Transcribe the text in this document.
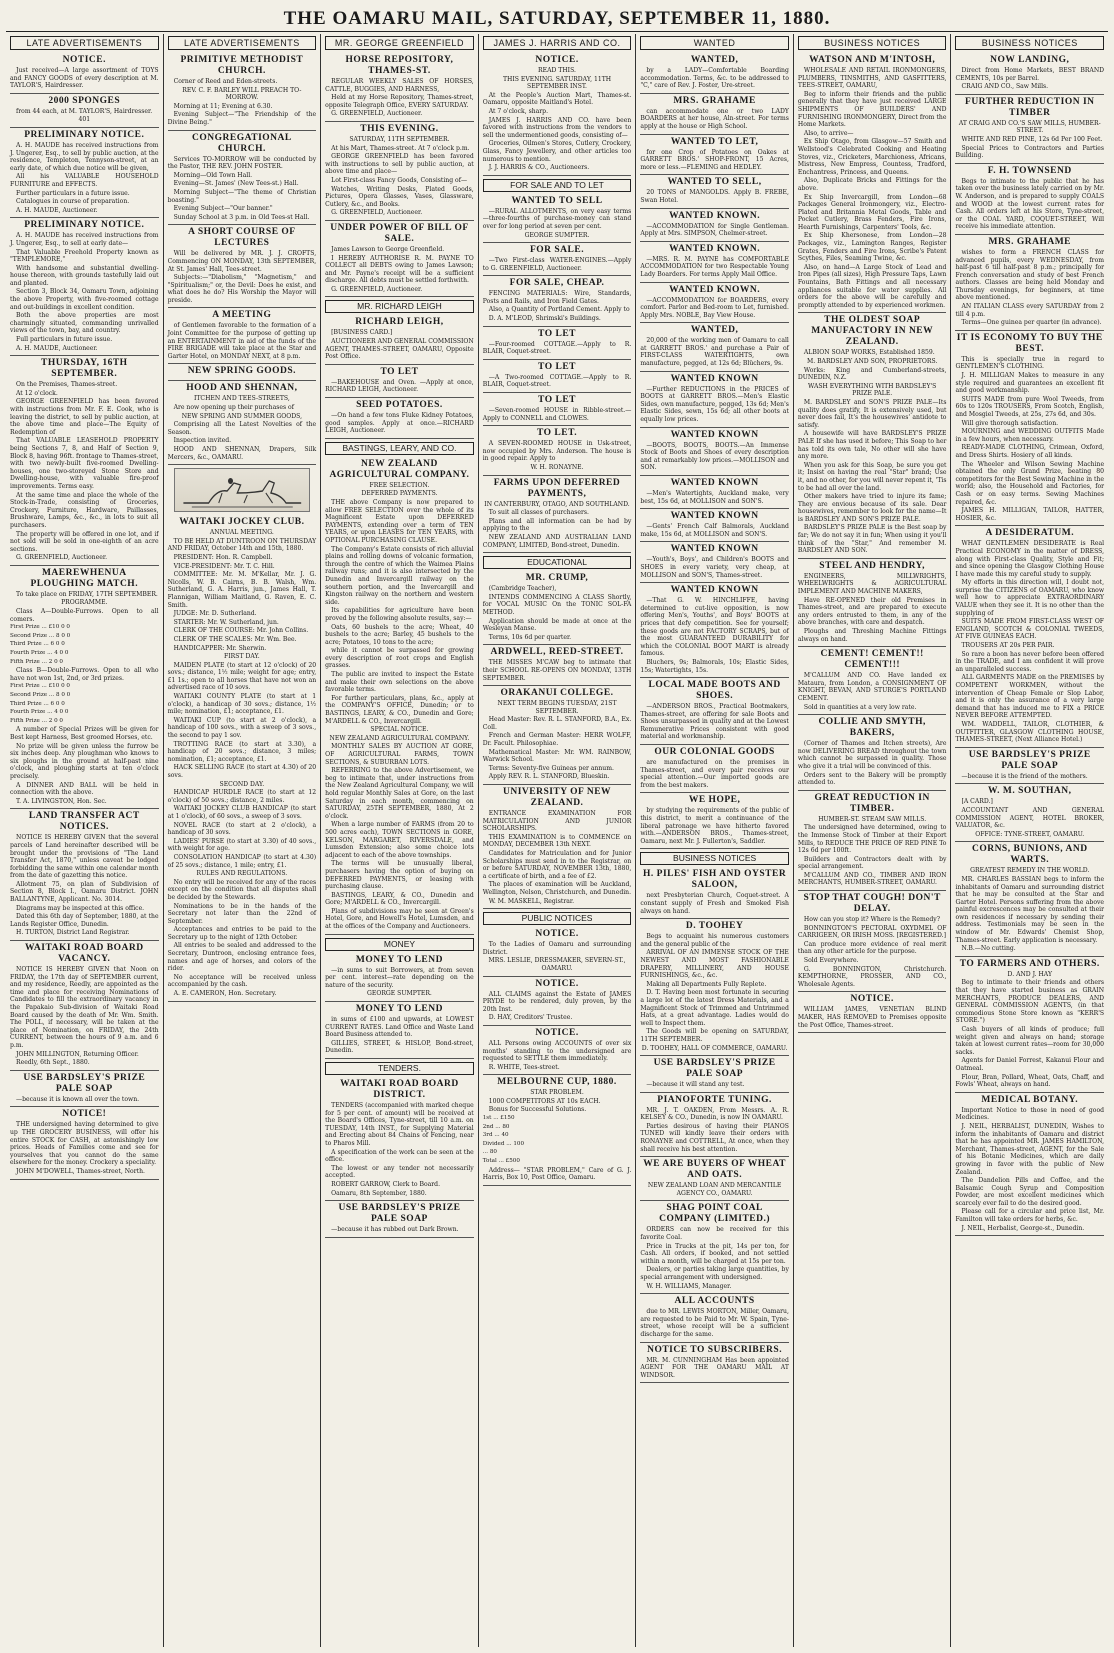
THE OAMARU MAIL, SATURDAY, SEPTEMBER 11, 1880.
LATE ADVERTISEMENTS

NOTICE.

Just received—A large assortment of TOYS and FANCY GOODS of every description at M. TAYLOR'S, Hairdresser.

2000 SPONGES

from 44 each, at M. TAYLOR'S, Hairdresser.

401

PRELIMINARY NOTICE.

A. H. MAUDE has received instructions from J. Ungerer, Esq., to sell by public auction, at the residence, Templeton, Tennyson-street, at an early date, of which due notice will be given,

All his VALUABLE HOUSEHOLD FURNITURE and EFFECTS.

Further particulars in a future issue.

Catalogues in course of preparation.

A. H. MAUDE, Auctioneer.

PRELIMINARY NOTICE.

A. H. MAUDE has received instructions from J. Ungerer, Esq., to sell at early date—

That Valuable Freehold Property known as "TEMPLEMORE,"

With handsome and substantial dwelling-house thereon, with grounds tastefully laid out and planted.

Section 3, Block 34, Oamaru Town, adjoining the above Property, with five-roomed cottage and out-buildings in excellent condition.

Both the above properties are most charmingly situated, commanding unrivalled views of the town, bay, and country.

Full particulars in future issue.

A. H. MAUDE, Auctioneer.

THURSDAY, 16TH SEPTEMBER.

On the Premises, Thames-street.

At 12 o'clock.

GEORGE GREENFIELD has been favored with instructions from Mr. F. E. Cook, who is leaving the district, to sell by public auction, at the above time and place—The Equity of Redemption of

That VALUABLE LEASEHOLD PROPERTY being Sections 7, 8, and Half of Section 9, Block 8, having 96ft. frontage to Thames-street, with two newly-built five-roomed Dwelling-houses, one two-storeyed Stone Store and Dwelling-house, with valuable fire-proof improvements. Terms easy.

At the same time and place the whole of the Stock-in-Trade, consisting of Groceries, Crockery, Furniture, Hardware, Paillasses, Brushware, Lamps, &c., &c., in lots to suit all purchasers.

The property will be offered in one lot, and if not sold will be sold in one-eighth of an acre sections.

G. GREENFIELD, Auctioneer.

MAEREWHENUA PLOUGHING MATCH.

To take place on FRIDAY, 17TH SEPTEMBER.

PROGRAMME.

Class A—Double-Furrows. Open to all comers.

First Prize ... £10 0 0

Second Prize ... 8 0 0

Third Prize ... 6 0 0

Fourth Prize ... 4 0 0

Fifth Prize ... 2 0 0

Class B—Double-Furrows. Open to all who have not won 1st, 2nd, or 3rd prizes.

First Prize ... £10 0 0

Second Prize ... 8 0 0

Third Prize ... 6 0 0

Fourth Prize ... 4 0 0

Fifth Prize ... 2 0 0

A number of Special Prizes will be given for Best kept Harness, Best groomed Horses, etc.

No prize will be given unless the furrow be six inches deep. Any ploughman who knows to six ploughs in the ground at half-past nine o'clock, and ploughing starts at ten o'clock precisely.

A DINNER AND BALL will be held in connection with the above.

T. A. LIVINGSTON, Hon. Sec.

LAND TRANSFER ACT NOTICES.

NOTICE IS HEREBY GIVEN that the several parcels of Land hereinafter described will be brought under the provisions of "The Land Transfer Act, 1870," unless caveat be lodged forbidding the same within one calendar month from the date of gazetting this notice.

Allotment 75, on plan of Subdivision of Section 8, Block I., Oamaru District. JOHN BALLANTYNE, Applicant. No. 3014.

Diagrams may be inspected at this office.

Dated this 6th day of September, 1880, at the Lands Register Office, Dunedin.

H. TURTON, District Land Registrar.

WAITAKI ROAD BOARD VACANCY.

NOTICE IS HEREBY GIVEN that Noon on FRIDAY, the 17th day of SEPTEMBER current, and my residence, Reedly, are appointed as the time and place for receiving Nominations of Candidates to fill the extraordinary vacancy in the Papakaio Sub-division of Waitaki Road Board caused by the death of Mr. Wm. Smith. The POLL, if necessary, will be taken at the place of Nomination, on FRIDAY, the 24th CURRENT, between the hours of 9 a.m. and 6 p.m.

JOHN MILLINGTON, Returning Officer.

Reedly, 6th Sept., 1880.

USE BARDSLEY'S PRIZE PALE SOAP

—because it is known all over the town.

NOTICE!

THE undersigned having determined to give up THE GROCERY BUSINESS, will offer his entire STOCK for CASH, at astonishingly low prices. Heads of Families come and see for yourselves that you cannot do the same elsewhere for the money. Crockery a speciality.

JOHN M'DOWELL, Thames-street, North.

LATE ADVERTISEMENTS

PRIMITIVE METHODIST CHURCH.

Corner of Reed and Eden-streets.

REV. C. F. BARLEY WILL PREACH TO-MORROW.

Morning at 11; Evening at 6.30.

Evening Subject—"The Friendship of the Divine Being."

CONGREGATIONAL CHURCH.

Services TO-MORROW will be conducted by the Pastor, THE REV. JOHN FOSTER.

Morning—Old Town Hall.

Evening—St. James' (New Tees-st.) Hall.

Morning Subject—"The theme of Christian boasting."

Evening Subject—"Our banner."

Sunday School at 3 p.m. in Old Tees-st Hall.

A SHORT COURSE OF LECTURES

Will be delivered by MR. J. J. CROFTS, Commencing ON MONDAY, 13th SEPTEMBER, At St. James' Hall, Tees-street.

Subjects:—"Diabolism," "Magnetism," and "Spiritualism;" or, the Devil: Does he exist, and what does he do? His Worship the Mayor will preside.

A MEETING

of Gentlemen favorable to the formation of a Joint Committee for the purpose of getting up an ENTERTAINMENT in aid of the funds of the FIRE BRIGADE will take place at the Star and Garter Hotel, on MONDAY NEXT, at 8 p.m.

NEW SPRING GOODS.

HOOD AND SHENNAN,

ITCHEN AND TEES-STREETS,

Are now opening up their purchases of

NEW SPRING AND SUMMER GOODS,

Comprising all the Latest Novelties of the Season.

Inspection invited.

HOOD AND SHENNAN, Drapers, Silk Mercers, &c., OAMARU.

WAITAKI JOCKEY CLUB.

ANNUAL MEETING.

TO BE HELD AT DUNTROON ON THURSDAY AND FRIDAY, October 14th and 15th, 1880.

PRESIDENT: Hon. R. Campbell.

VICE-PRESIDENT: Mr. T. C. Hill.

COMMITTEE: Mr. M. M'Kellar, Mr. J. G. Nicolls, W. B. Cairns, B. B. Walsh, Wm. Sutherland, G. A. Harris, jun., James Hall, T. Flannigan, William Maitland, G. Raven, E. C. Smith.

JUDGE: Mr. D. Sutherland.

STARTER: Mr. W. Sutherland, jun.

CLERK OF THE COURSE: Mr. John Collins.

CLERK OF THE SCALES: Mr. Wm. Bee.

HANDICAPPER: Mr. Sherwin.

FIRST DAY.

MAIDEN PLATE (to start at 12 o'clock) of 20 sovs.; distance, 1½ mile; weight for age; entry, £1 1s.; open to all horses that have not won an advertised race of 10 sovs.

WAITAKI COUNTY PLATE (to start at 1 o'clock), a handicap of 30 sovs.; distance, 1½ mile; nomination, £1; acceptance, £1.

WAITAKI CUP (to start at 2 o'clock), a handicap of 100 sovs., with a sweep of 3 sovs., the second to pay 1 sov.

TROTTING RACE (to start at 3.30), a handicap of 20 sovs.; distance, 3 miles; nomination, £1; acceptance, £1.

HACK SELLING RACE (to start at 4.30) of 20 sovs.

SECOND DAY.

HANDICAP HURDLE RACE (to start at 12 o'clock) of 50 sovs.; distance, 2 miles.

WAITAKI JOCKEY CLUB HANDICAP (to start at 1 o'clock), of 60 sovs., a sweep of 3 sovs.

NOVEL RACE (to start at 2 o'clock), a handicap of 30 sovs.

LADIES' PURSE (to start at 3.30) of 40 sovs., with weight for age.

CONSOLATION HANDICAP (to start at 4.30) of 25 sovs.; distance, 1 mile; entry, £1.

RULES AND REGULATIONS.

No entry will be received for any of the races except on the condition that all disputes shall be decided by the Stewards.

Nominations to be in the hands of the Secretary not later than the 22nd of September.

Acceptances and entries to be paid to the Secretary up to the night of 12th October.

All entries to be sealed and addressed to the Secretary, Duntroon, enclosing entrance fees, names and age of horses, and colors of the rider.

No acceptance will be received unless accompanied by the cash.

A. E. CAMERON, Hon. Secretary.

MR. GEORGE GREENFIELD

HORSE REPOSITORY, THAMES-ST.

REGULAR WEEKLY SALES OF HORSES, CATTLE, BUGGIES, AND HARNESS,

Held at my Horse Repository, Thames-street, opposite Telegraph Office, EVERY SATURDAY.

G. GREENFIELD, Auctioneer.

THIS EVENING.

SATURDAY, 11TH SEPTEMBER.

At his Mart, Thames-street. At 7 o'clock p.m.

GEORGE GREENFIELD has been favored with instructions to sell by public auction, at above time and place—

Lot First-class Fancy Goods, Consisting of—

Watches, Writing Desks, Plated Goods, Pictures, Opera Glasses, Vases, Glassware, Cutlery, &c., and Books.

G. GREENFIELD, Auctioneer.

UNDER POWER OF BILL OF SALE.

James Lawson to George Greenfield.

I HEREBY AUTHORISE R. M. PAYNE TO COLLECT all DEBTS owing to James Lawson; and Mr. Payne's receipt will be a sufficient discharge. All debts must be settled forthwith.

G. GREENFIELD, Auctioneer.

MR. RICHARD LEIGH

RICHARD LEIGH,

[BUSINESS CARD.]

AUCTIONEER AND GENERAL COMMISSION AGENT, THAMES-STREET, OAMARU, Opposite Post Office.

TO LET

—BAKEHOUSE and Oven. —Apply at once, RICHARD LEIGH, Auctioneer.

SEED POTATOES.

—On hand a few tons Fluke Kidney Potatoes, good samples. Apply at once.—RICHARD LEIGH, Auctioneer.

BASTINGS, LEARY, AND CO.

NEW ZEALAND AGRICULTURAL COMPANY.

FREE SELECTION.

DEFERRED PAYMENTS.

THE above Company is now prepared to allow FREE SELECTION over the whole of its Magnificent Estate upon DEFERRED PAYMENTS, extending over a term of TEN YEARS, or upon LEASES for TEN YEARS, with OPTIONAL PURCHASING CLAUSE.

The Company's Estate consists of rich alluvial plains and rolling downs of volcanic formation, through the centre of which the Waimea Plains railway runs; and it is also intersected by the Dunedin and Invercargill railway on the southern portion, and the Invercargill and Kingston railway on the northern and western side.

Its capabilities for agriculture have been proved by the following absolute results, say:—

Oats, 60 bushels to the acre; Wheat, 40 bushels to the acre; Barley, 45 bushels to the acre; Potatoes, 10 tons to the acre;

while it cannot be surpassed for growing every description of root crops and English grasses.

The public are invited to inspect the Estate and make their own selections on the above favorable terms.

For further particulars, plans, &c., apply at the COMPANY'S OFFICE, Dunedin; or to BASTINGS, LEARY, & CO., Dunedin and Gore; M'ARDELL & CO., Invercargill.

SPECIAL NOTICE.

NEW ZEALAND AGRICULTURAL COMPANY.

MONTHLY SALES BY AUCTION AT GORE, OF AGRICULTURAL FARMS, TOWN SECTIONS, & SUBURBAN LOTS.

REFERRING to the above Advertisement, we beg to intimate that, under instructions from the New Zealand Agricultural Company, we will hold regular Monthly Sales at Gore, on the last Saturday in each month, commencing on SATURDAY, 25TH SEPTEMBER, 1880, At 2 o'clock.

When a large number of FARMS (from 20 to 500 acres each), TOWN SECTIONS in GORE, KELSON, MARGARET, RIVERSDALE, and Lumsden Extension; also some choice lots adjacent to each of the above townships.

The terms will be unusually liberal, purchasers having the option of buying on DEFERRED PAYMENTS, or leasing with purchasing clause.

BASTINGS, LEARY, & CO., Dunedin and Gore; M'ARDELL & CO., Invercargill.

Plans of subdivisions may be seen at Green's Hotel, Gore, and Howell's Hotel, Lumsden, and at the offices of the Company and Auctioneers.

MONEY

MONEY TO LEND

—in sums to suit Borrowers, at from seven per cent. interest—rate depending on the nature of the security.

GEORGE SUMPTER.

MONEY TO LEND

in sums of £100 and upwards, at LOWEST CURRENT RATES. Land Office and Waste Land Board Business attended to.

GILLIES, STREET, & HISLOP, Bond-street, Dunedin.

TENDERS.

WAITAKI ROAD BOARD DISTRICT.

TENDERS (accompanied with marked cheque for 5 per cent. of amount) will be received at the Board's Offices, Tyne-street, till 10 a.m. on TUESDAY, 14th INST., for Supplying Material and Erecting about 84 Chains of Fencing, near to Pharos Mill.

A specification of the work can be seen at the office.

The lowest or any tender not necessarily accepted.

ROBERT GARROW, Clerk to Board.

Oamaru, 8th September, 1880.

USE BARDSLEY'S PRIZE PALE SOAP

—because it has rubbed out Dark Brown.

JAMES J. HARRIS AND CO.

NOTICE.

READ THIS.

THIS EVENING. SATURDAY, 11TH SEPTEMBER INST.

At the People's Auction Mart, Thames-st. Oamaru, opposite Maitland's Hotel.

At 7 o'clock, sharp.

JAMES J. HARRIS AND CO. have been favored with instructions from the vendors to sell the undermentioned goods, consisting of—

Groceries, Oilmen's Stores, Cutlery, Crockery, Glass, Fancy Jewellery, and other articles too numerous to mention.

J. J. HARRIS & CO., Auctioneers.

FOR SALE AND TO LET

WANTED TO SELL

—RURAL ALLOTMENTS, on very easy terms—three-fourths of purchase-money can stand over for long period at seven per cent.

GEORGE SUMPTER.

FOR SALE.

—Two First-class WATER-ENGINES.—Apply to G. GREENFIELD, Auctioneer.

FOR SALE, CHEAP.

FENCING MATERIALS: Wire, Standards, Posts and Rails, and Iron Field Gates.

Also, a Quantity of Portland Cement. Apply to

D. A. M'LEOD, Shrimski's Buildings.

TO LET

—Four-roomed COTTAGE.—Apply to R. BLAIR, Coquet-street.

TO LET

—A Two-roomed COTTAGE.—Apply to R. BLAIR, Coquet-street.

TO LET

—Seven-roomed HOUSE in Ribble-street.—Apply to CONNELL and CLOWES.

TO LET.

A SEVEN-ROOMED HOUSE in Usk-street, now occupied by Mrs. Anderson. The house is in good repair. Apply to

W. H. RONAYNE.

FARMS UPON DEFERRED PAYMENTS,

IN CANTERBURY, OTAGO, AND SOUTHLAND.

To suit all classes of purchasers.

Plans and all information can be had by applying to the

NEW ZEALAND AND AUSTRALIAN LAND COMPANY, LIMITED, Bond-street, Dunedin.

EDUCATIONAL

MR. CRUMP,

(Cambridge Teacher),

INTENDS COMMENCING A CLASS Shortly, for VOCAL MUSIC On the TONIC SOL-FA METHOD.

Application should be made at once at the Wesleyan Manse.

Terms, 10s 6d per quarter.

ARDWELL, REED-STREET.

THE MISSES M'CAW beg to intimate that their SCHOOL RE-OPENS ON MONDAY, 13TH SEPTEMBER.

ORAKANUI COLLEGE.

NEXT TERM BEGINS TUESDAY, 21ST SEPTEMBER.

Head Master: Rev. R. L. STANFORD, B.A., Ex. Coll.

French and German Master: HERR WOLFF, Dr. Facult. Philosophiae.

Mathematical Master: Mr. WM. RAINBOW, Warwick School.

Terms: Seventy-five Guineas per annum.

Apply REV. R. L. STANFORD, Blueskin.

UNIVERSITY OF NEW ZEALAND.

ENTRANCE EXAMINATION FOR MATRICULATION AND JUNIOR SCHOLARSHIPS.

THIS EXAMINATION is to COMMENCE on MONDAY, DECEMBER 13th NEXT.

Candidates for Matriculation and for Junior Scholarships must send in to the Registrar, on or before SATURDAY, NOVEMBER 13th, 1880, a certificate of birth, and a fee of £2.

The places of examination will be Auckland, Wellington, Nelson, Christchurch, and Dunedin.

W. M. MASKELL, Registrar.

PUBLIC NOTICES

NOTICE.

To the Ladies of Oamaru and surrounding District.

MRS. LESLIE, DRESSMAKER, SEVERN-ST., OAMARU.

NOTICE.

ALL CLAIMS against the Estate of JAMES PRYDE to be rendered, duly proven, by the 20th Inst.

D. HAY, Creditors' Trustee.

NOTICE.

ALL Persons owing ACCOUNTS of over six months' standing to the undersigned are requested to SETTLE them immediately.

R. WHITE, Tees-street.

MELBOURNE CUP, 1880.

STAR PROBLEM.

1000 COMPETITORS AT 10s EACH.

Bonus for Successful Solutions.

1st ... £150

2nd ... 80

3rd ... 40

Divided ... 100

... 80

Total ... £500

Address— "STAR PROBLEM," Care of G. J. Harris, Box 10, Post Office, Oamaru.

WANTED

WANTED,

by a LADY—Comfortable Boarding accommodation. Terms, &c. to be addressed to "C," care of Rev. J. Foster, Ure-street.

MRS. GRAHAME

can accommodate one or two LADY BOARDERS at her house, Aln-street. For terms apply at the house or High School.

WANTED TO LET,

for one Crop of Potatoes on Oakes at GARRETT BROS.' SHOP-FRONT, 15 Acres, more or less.—FLEMING and HEDLEY.

WANTED TO SELL,

20 TONS of MANGOLDS. Apply B. FREBE, Swan Hotel.

WANTED KNOWN.

—ACCOMMODATION for Single Gentleman. Apply at Mrs. SIMPSON, Chelmer-street.

WANTED KNOWN.

—MRS. R. M. PAYNE has COMFORTABLE ACCOMMODATION for two Respectable Young Lady Boarders. For terms Apply Mail Office.

WANTED KNOWN.

—ACCOMMODATION for BOARDERS, every comfort. Parlor and Bed-room to Let, furnished. Apply Mrs. NOBLE, Bay View House.

WANTED,

20,000 of the working men of Oamaru to call at GARRETT BROS.' and purchase a Pair of FIRST-CLASS WATERTIGHTS, own manufacture, pegged, at 12s 6d; Blüchers, 9s.

WANTED KNOWN

—Further REDUCTIONS in the PRICES of BOOTS at GARRETT BROS.—Men's Elastic Sides, own manufacture, pegged, 13s 6d; Men's Elastic Sides, sewn, 15s 6d; all other boots at equally low prices.

WANTED KNOWN

—BOOTS, BOOTS, BOOTS.—An Immense Stock of Boots and Shoes of every description and at remarkably low prices.—MOLLISON and SON.

WANTED KNOWN

—Men's Watertights, Auckland make, very best, 15s 6d, at MOLLISON and SON'S.

WANTED KNOWN

—Gents' French Calf Balmorals, Auckland make, 15s 6d, at MOLLISON and SON'S.

WANTED KNOWN

—Youth's, Boys', and Children's BOOTS and SHOES in every variety, very cheap, at MOLLISON and SON'S, Thames-street.

WANTED KNOWN

—That G. W. HINCHLIFFE, having determined to cut-live opposition, is now offering Men's, Youths', and Boys' BOOTS at prices that defy competition. See for yourself; these goods are not FACTORY SCRAPS, but of the most GUARANTEED DURABILITY for which the COLONIAL BOOT MART is already famous.

Bluchers, 9s; Balmorals, 10s; Elastic Sides, 15s; Watertights, 15s.

LOCAL MADE BOOTS AND SHOES.

—ANDERSON BROS., Practical Bootmakers, Thames-street, are offering for sale Boots and Shoes unsurpassed in quality and at the Lowest Remunerative Prices consistent with good material and workmanship.

OUR COLONIAL GOODS

are manufactured on the premises in Thames-street, and every pair receives our special attention.—Our imported goods are from the best makers.

WE HOPE,

by studying the requirements of the public of this district, to merit a continuance of the liberal patronage we have hitherto favored with.—ANDERSON BROS., Thames-street, Oamaru, next Mr. J. Fullerton's, Saddler.

BUSINESS NOTICES

H. PILES' FISH AND OYSTER SALOON,

next Presbyterian Church, Coquet-street. A constant supply of Fresh and Smoked Fish always on hand.

D. TOOHEY

Begs to acquaint his numerous customers and the general public of the

ARRIVAL OF AN IMMENSE STOCK OF THE NEWEST AND MOST FASHIONABLE DRAPERY, MILLINERY, AND HOUSE FURNISHINGS, &c., &c.

Making all Departments Fully Replete.

D. T. Having been most fortunate in securing a large lot of the latest Dress Materials, and a Magnificent Stock of Trimmed and Untrimmed Hats, at a great advantage. Ladies would do well to Inspect them.

The Goods will be opening on SATURDAY, 11TH SEPTEMBER.

D. TOOHEY, HALL OF COMMERCE, OAMARU.

USE BARDSLEY'S PRIZE PALE SOAP

—because it will stand any test.

PIANOFORTE TUNING.

MR. J. T. OAKDEN, From Messrs. A. R. KELSEY & CO., Dunedin, is now IN OAMARU.

Parties desirous of having their PIANOS TUNED will kindly leave their orders with RONAYNE and COTTRELL, At once, when they shall receive his best attention.

WE ARE BUYERS OF WHEAT AND OATS.

NEW ZEALAND LOAN AND MERCANTILE AGENCY CO., OAMARU.

SHAG POINT COAL COMPANY (LIMITED.)

ORDERS can now be received for this favorite Coal.

Price in Trucks at the pit, 14s per ton, for Cash. All orders, if booked, and not settled within a month, will be charged at 15s per ton.

Dealers, or parties taking large quantities, by special arrangement with undersigned.

W. H. WILLIAMS, Manager.

ALL ACCOUNTS

due to MR. LEWIS MORTON, Miller, Oamaru, are requested to be Paid to Mr. W. Spain, Tyne-street, whose receipt will be a sufficient discharge for the same.

NOTICE TO SUBSCRIBERS.

MR. M. CUNNINGHAM Has been appointed AGENT FOR THE OAMARU MAIL AT WINDSOR.

BUSINESS NOTICES

WATSON AND M'INTOSH,

WHOLESALE AND RETAIL IRONMONGERS, PLUMBERS, TINSMITHS, AND GASFITTERS, TEES-STREET, OAMARU,

Beg to inform their friends and the public generally that they have just received LARGE SHIPMENTS OF BUILDERS' AND FURNISHING IRONMONGERY, Direct from the Home Markets.

Also, to arrive—

Ex Ship Otago, from Glasgow—57 Smith and Wellstood's Celebrated Cooking and Heating Stoves, viz., Cricketers, Marchioness, Africans, Mistress, New Empress, Countess, Tradford, Enchantress, Princess, and Queens.

Also, Duplicate Bricks and Fittings for the above.

Ex Ship Invercargill, from London—68 Packages General Ironmongery, viz., Electro-Plated and Britannia Metal Goods, Table and Pocket Cutlery, Brass Fenders, Fire Irons, Hearth Furnishings, Carpenters' Tools, &c.

Ex Ship Khersonese, from London—28 Packages, viz., Lamington Ranges, Register Grates, Fenders and Fire Irons, Scribe's Patent Scythes, Files, Seaming Twine, &c.

Also, on hand—A Large Stock of Lead and Iron Pipes (all sizes), High Pressure Taps, Lawn Fountains, Bath Fittings and all necessary appliances suitable for water supplies. All orders for the above will be carefully and promptly attended to by experienced workmen.

THE OLDEST SOAP MANUFACTORY IN NEW ZEALAND.

ALBION SOAP WORKS, Established 1859.

M. BARDSLEY AND SON, PROPRIETORS.

Works: King and Cumberland-streets, DUNEDIN, N.Z.

WASH EVERYTHING WITH BARDSLEY'S PRIZE PALE.

M. BARDSLEY and SON'S PRIZE PALE—Its quality does gratify, It is extensively used, but never does fail, It's the housewives' antidote to satisfy.

A housewife will have BARDSLEY'S PRIZE PALE If she has used it before; This Soap to her has told its own tale, No other will she have any more.

When you ask for this Soap, be sure you get it; Insist on having the real "Star" brand; Use it, and no other, for you will never repent it, 'Tis to be had all over the land.

Other makers have tried to injure its fame; They are envious because of its sale. Dear housewives, remember to look for the name—It is BARDSLEY AND SON'S PRIZE PALE.

BARDSLEY'S PRIZE PALE is the Best soap by far; We do not say it in fun; When using it you'll think of the "Star," And remember M. BARDSLEY AND SON.

STEEL AND HENDRY,

ENGINEERS, MILLWRIGHTS, WHEELWRIGHTS & AGRICULTURAL IMPLEMENT AND MACHINE MAKERS,

Have RE-OPENED their old Premises in Thames-street, and are prepared to execute any orders entrusted to them, in any of the above branches, with care and despatch.

Ploughs and Threshing Machine Fittings always on hand.

CEMENT! CEMENT!! CEMENT!!!

M'CALLUM AND CO. Have landed ex Mataura, from London, a CONSIGNMENT OF KNIGHT, BEVAN, AND STURGE'S PORTLAND CEMENT.

Sold in quantities at a very low rate.

COLLIE AND SMYTH, BAKERS,

(Corner of Thames and Itchen streets), Are now DELIVERING BREAD throughout the town which cannot be surpassed in quality. Those who give it a trial will be convinced of this.

Orders sent to the Bakery will be promptly attended to.

GREAT REDUCTION IN TIMBER.

HUMBER-ST. STEAM SAW MILLS.

The undersigned have determined, owing to the Immense Stock of Timber at their Export Mills, to REDUCE THE PRICE OF RED PINE To 12s 6d per 100ft.

Builders and Contractors dealt with by special arrangement.

M'CALLUM AND CO., TIMBER AND IRON MERCHANTS, HUMBER-STREET, OAMARU.

STOP THAT COUGH! DON'T DELAY.

How can you stop it? Where is the Remedy?

BONNINGTON'S PECTORAL OXYDMEL OF CARRIGEEN, OR IRISH MOSS. [REGISTERED.]

Can produce more evidence of real merit than any other article for the purpose.

Sold Everywhere.

G. BONNINGTON, Christchurch. KEMPTHORNE, PROSSER, AND CO., Wholesale Agents.

NOTICE.

WILLIAM JAMES, VENETIAN BLIND MAKER, HAS REMOVED to Premises opposite the Post Office, Thames-street.

BUSINESS NOTICES

NOW LANDING,

Direct from Home Markets, BEST BRAND CEMENTS, 10s per Barrel.

CRAIG AND CO., Saw Mills.

FURTHER REDUCTION IN TIMBER

AT CRAIG AND CO.'S SAW MILLS, HUMBER-STREET.

WHITE AND RED PINE, 12s 6d Per 100 Feet.

Special Prices to Contractors and Parties Building.

F. H. TOWNSEND

Begs to intimate to the public that he has taken over the business lately carried on by Mr. W. Anderson, and is prepared to supply COALS and WOOD at the lowest current rates for Cash. All orders left at his Store, Tyne-street, or the COAL YARD, COQUET-STREET, Will receive his immediate attention.

MRS. GRAHAME

wishes to form a FRENCH CLASS for advanced pupils, every WEDNESDAY, from half-past 6 till half-past 8 p.m.; principally for French conversation and study of best French authors. Classes are being held Monday and Thursday evenings, for beginners, at time above mentioned.

AN ITALIAN CLASS every SATURDAY from 2 till 4 p.m.

Terms—One guinea per quarter (in advance).

IT IS ECONOMY TO BUY THE BEST.

This is specially true in regard to GENTLEMEN'S CLOTHING.

J. H. MILLIGAN Makes to measure in any style required and guarantees an excellent fit and good workmanship.

SUITS MADE from pure Wool Tweeds, from 60s to 120s TROUSERS, From Scotch, English, and Mosgiel Tweeds, at 25s, 27s 6d, and 30s.

Will give thorough satisfaction.

MOURNING and WEDDING OUTFITS Made in a few hours, when necessary.

READY-MADE CLOTHING, Crimean, Oxford, and Dress Shirts. Hosiery of all kinds.

The Wheeler and Wilson Sewing Machine obtained the only Grand Prize, beating 80 competitors for the Best Sewing Machine in the world; also, the Household and Factories, for Cash or on easy terms. Sewing Machines repaired, &c.

JAMES H. MILLIGAN, TAILOR, HATTER, HOSIER, &c.

A DESIDERATUM.

WHAT GENTLEMEN DESIDERATE is Real Practical ECONOMY in the matter of DRESS, along with First-class Quality, Style and Fit; and since opening the Glasgow Clothing House I have made this my careful study to supply.

My efforts in this direction will, I doubt not, surprise the CITIZENS of OAMARU, who know well how to appreciate EXTRAORDINARY VALUE when they see it. It is no other than the supplying of

SUITS MADE FROM FIRST-CLASS WEST OF ENGLAND, SCOTCH & COLONIAL TWEEDS, AT FIVE GUINEAS EACH.

TROUSERS AT 20s PER PAIR.

So rare a boon has never before been offered in the TRADE, and I am confident it will prove an unparalleled success.

ALL GARMENTS MADE on the PREMISES by COMPETENT WORKMEN, without the intervention of Cheap Female or Slop Labor, and it is only the assurance of a very large demand that has induced me to FIX a PRICE NEVER BEFORE ATTEMPTED.

WM. WADDELL, TAILOR, CLOTHIER, & OUTFITTER, GLASGOW CLOTHING HOUSE, THAMES-STREET, (Next Alliance Hotel.)

USE BARDSLEY'S PRIZE PALE SOAP

—because it is the friend of the mothers.

W. M. SOUTHAN,

[A CARD.]

ACCOUNTANT AND GENERAL COMMISSION AGENT, HOTEL BROKER, VALUATOR, &c.

OFFICE: TYNE-STREET, OAMARU.

CORNS, BUNIONS, AND WARTS.

GREATEST REMEDY IN THE WORLD.

MR. CHARLES BASSIAN begs to inform the inhabitants of Oamaru and surrounding district that he may be consulted at the Star and Garter Hotel. Persons suffering from the above painful excrescences may be consulted at their own residences if necessary by sending their address. Testimonials may be seen in the window of Mr. Edwards' Chemist Shop, Thames-street. Early application is necessary.

N.B.—No cutting.

TO FARMERS AND OTHERS.

D. AND J. HAY

Beg to intimate to their friends and others that they have started business as GRAIN MERCHANTS, PRODUCE DEALERS, AND GENERAL COMMISSION AGENTS, (in that commodious Stone Store known as "KERR'S STORE.")

Cash buyers of all kinds of produce; full weight given and always on hand; storage taken at lowest current rates—room for 30,000 sacks.

Agents for Daniel Forrest, Kakanui Flour and Oatmeal.

Flour, Bran, Pollard, Wheat, Oats, Chaff, and Fowls' Wheat, always on hand.

MEDICAL BOTANY.

Important Notice to those in need of good Medicines.

J. NEIL, HERBALIST, DUNEDIN, Wishes to inform the inhabitants of Oamaru and district that he has appointed MR. JAMES HAMILTON, Merchant, Thames-street, AGENT, for the Sale of his Botanic Medicines, which are daily growing in favor with the public of New Zealand.

The Dandelion Pills and Coffee, and the Balsamic Cough Syrup and Composition Powder, are most excellent medicines which scarcely ever fail to do the desired good.

Please call for a circular and price list, Mr. Familton will take orders for herbs, &c.

J. NEIL, Herbalist, George-st., Dunedin.
